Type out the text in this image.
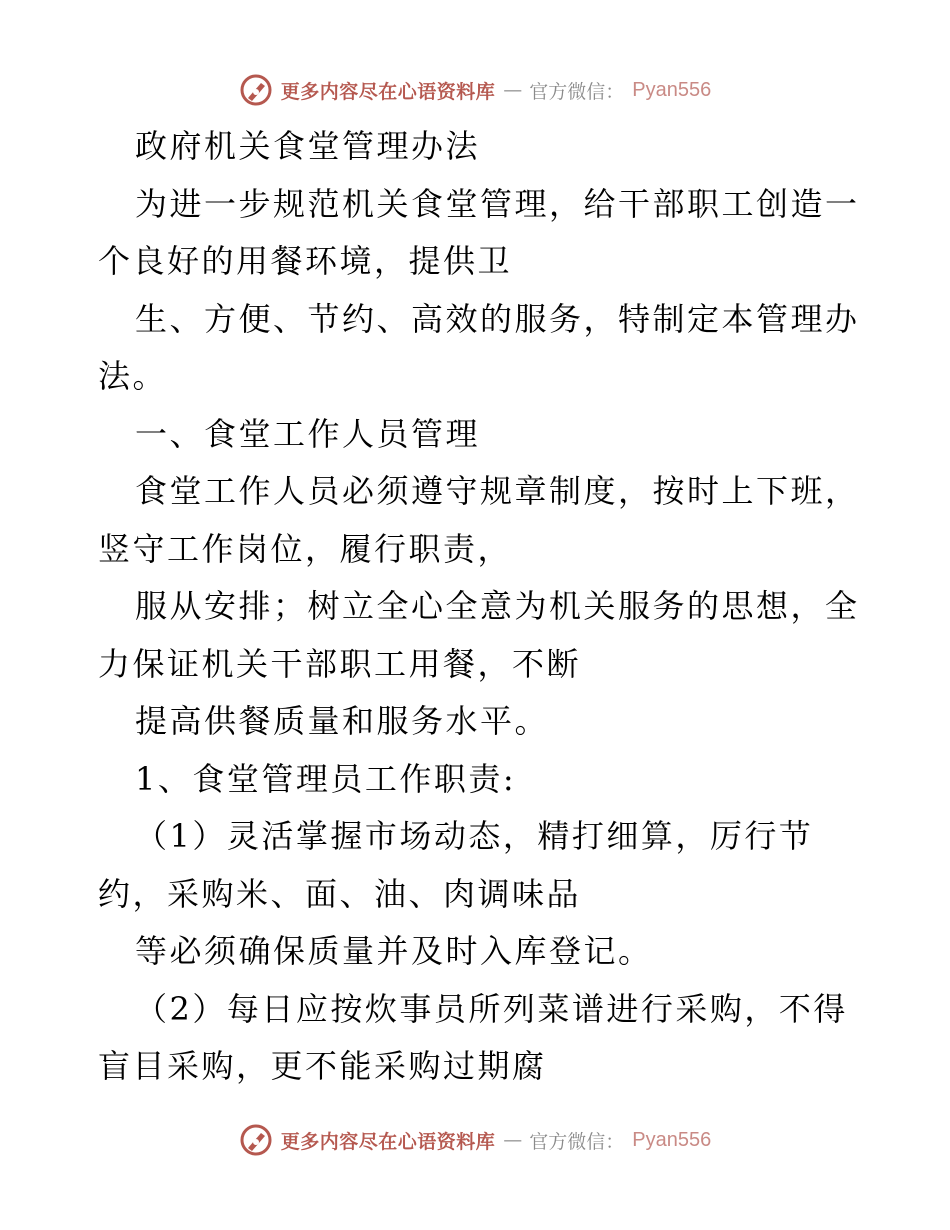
更多内容尽在心语资料库 — 官方微信： Pyan556
政府机关食堂管理办法
为进一步规范机关食堂管理，给干部职工创造一
个良好的用餐环境，提供卫
生、方便、节约、高效的服务，特制定本管理办
法。
一、食堂工作人员管理
食堂工作人员必须遵守规章制度，按时上下班，
竖守工作岗位，履行职责，
服从安排；树立全心全意为机关服务的思想，全
力保证机关干部职工用餐，不断
提高供餐质量和服务水平。
1、食堂管理员工作职责:
（1）灵活掌握市场动态，精打细算，厉行节
约，采购米、面、油、肉调味品
等必须确保质量并及时入库登记。
（2）每日应按炊事员所列菜谱进行采购，不得
盲目采购，更不能采购过期腐
更多内容尽在心语资料库 — 官方微信： Pyan556
